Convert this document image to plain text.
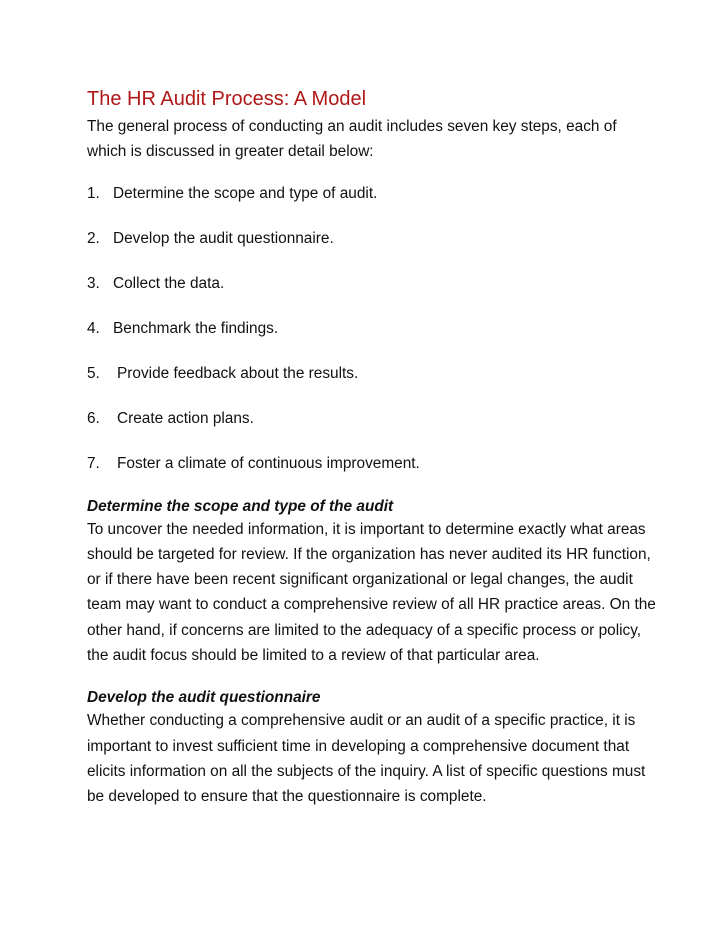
The HR Audit Process: A Model

The general process of conducting an audit includes seven key steps, each of which is discussed in greater detail below:

1. Determine the scope and type of audit.
2. Develop the audit questionnaire.
3. Collect the data.
4. Benchmark the findings.
5.	Provide feedback about the results.
6.	Create action plans.
7.	Foster a climate of continuous improvement.
Determine the scope and type of the audit

To uncover the needed information, it is important to determine exactly what areas should be targeted for review. If the organization has never audited its HR function, or if there have been recent significant organizational or legal changes, the audit team may want to conduct a comprehensive review of all HR practice areas. On the other hand, if concerns are limited to the adequacy of a specific process or policy, the audit focus should be limited to a review of that particular area.

Develop the audit questionnaire

Whether conducting a comprehensive audit or an audit of a specific practice, it is important to invest sufficient time in developing a comprehensive document that elicits information on all the subjects of the inquiry. A list of specific questions must be developed to ensure that the questionnaire is complete.
